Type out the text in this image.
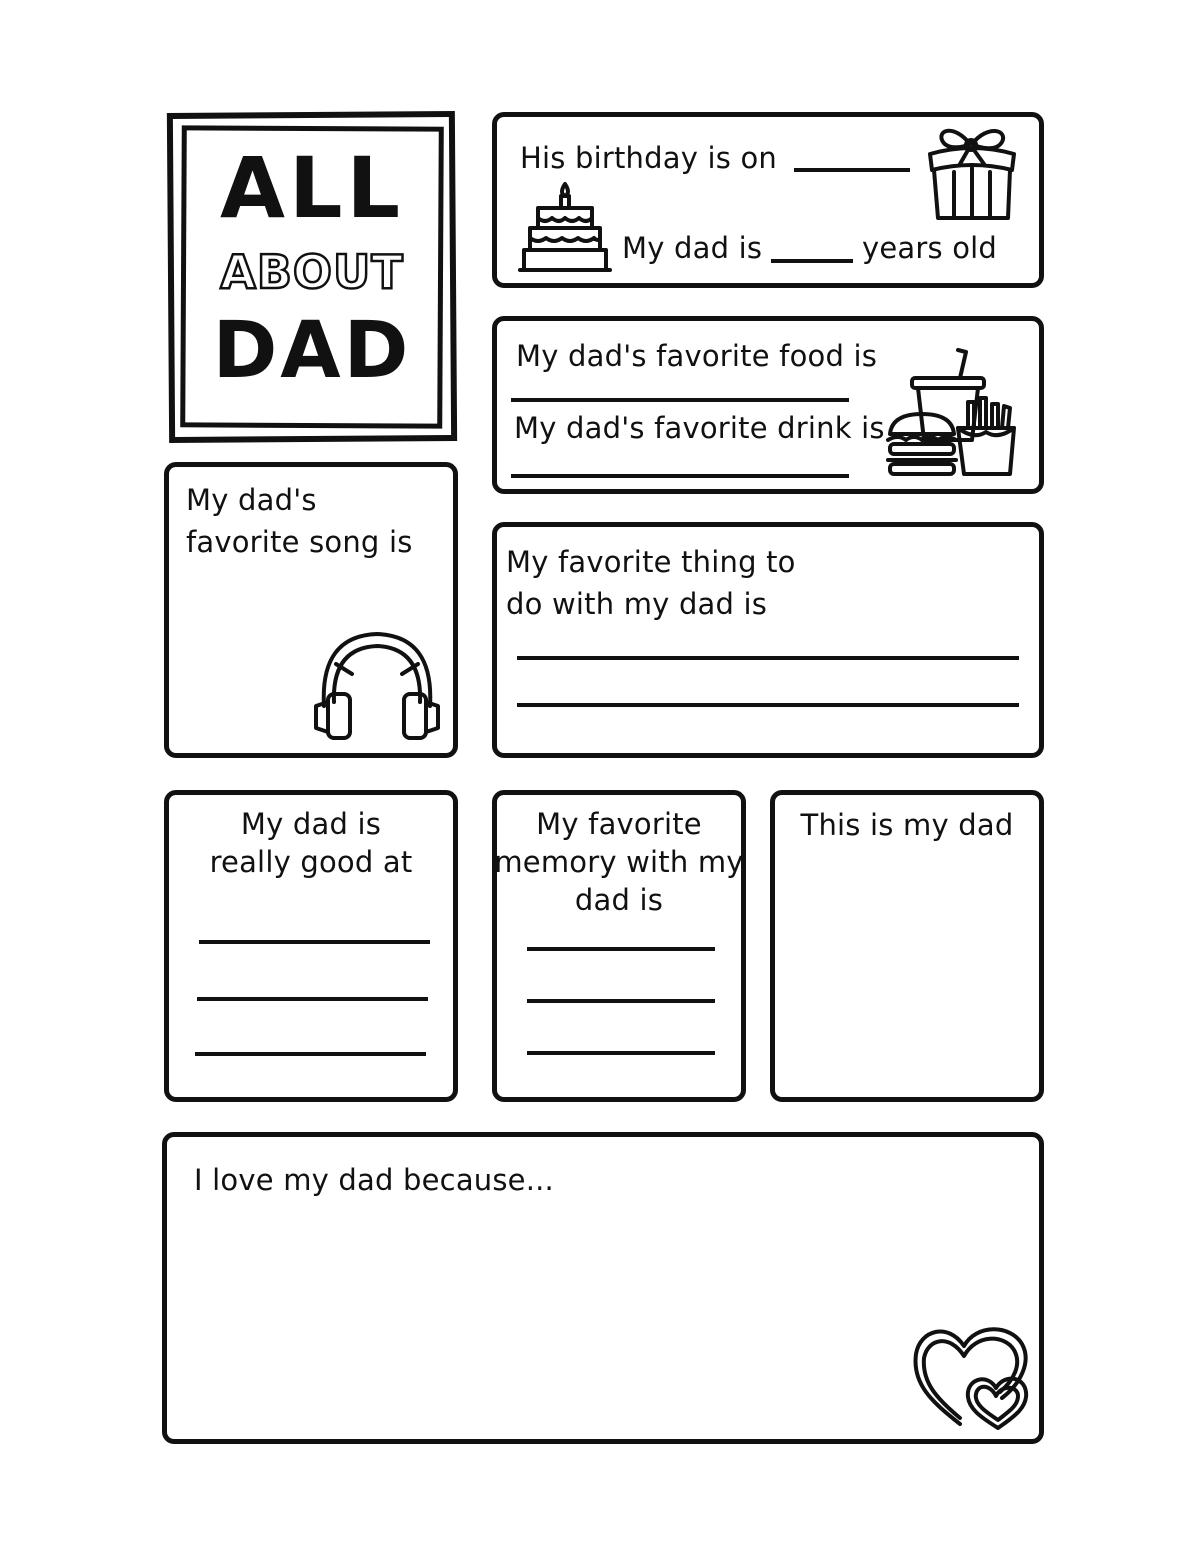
ALL
ABOUT
DAD
His birthday is on
My dad is	years old
My dad's favorite food is
My dad's favorite drink is
My dad's
favorite song is
My favorite thing to
do with my dad is
My dad is
really good at
My favorite
memory with my
dad is
This is my dad
I love my dad because...
